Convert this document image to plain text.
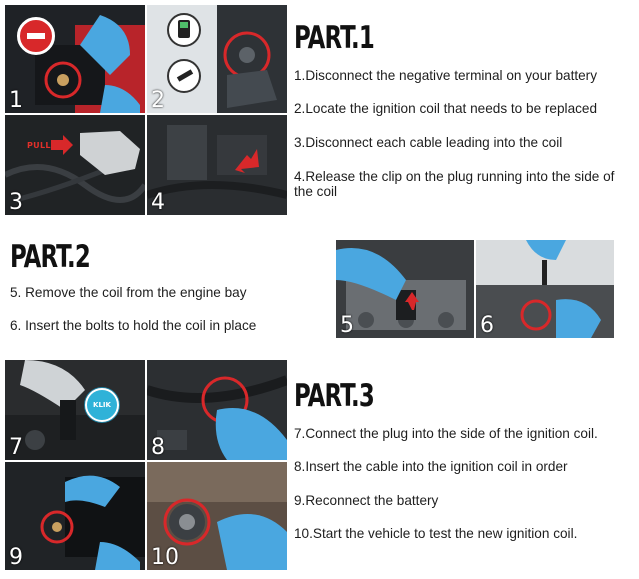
1	2
PULL
3	4
PART.1
1.Disconnect the negative terminal on your battery
2.Locate the ignition coil that needs to be replaced
3.Disconnect each cable leading into the coil
4.Release the clip on the plug running into the side of the coil
PART.2
5. Remove the coil from the engine bay
6. Insert the bolts to hold the coil in place	5	6
KLIK
7	8
9	10
PART.3
7.Connect the plug into the side of the ignition coil.
8.Insert the cable into the ignition coil in order
9.Reconnect the battery
10.Start the vehicle to test the new ignition coil.
